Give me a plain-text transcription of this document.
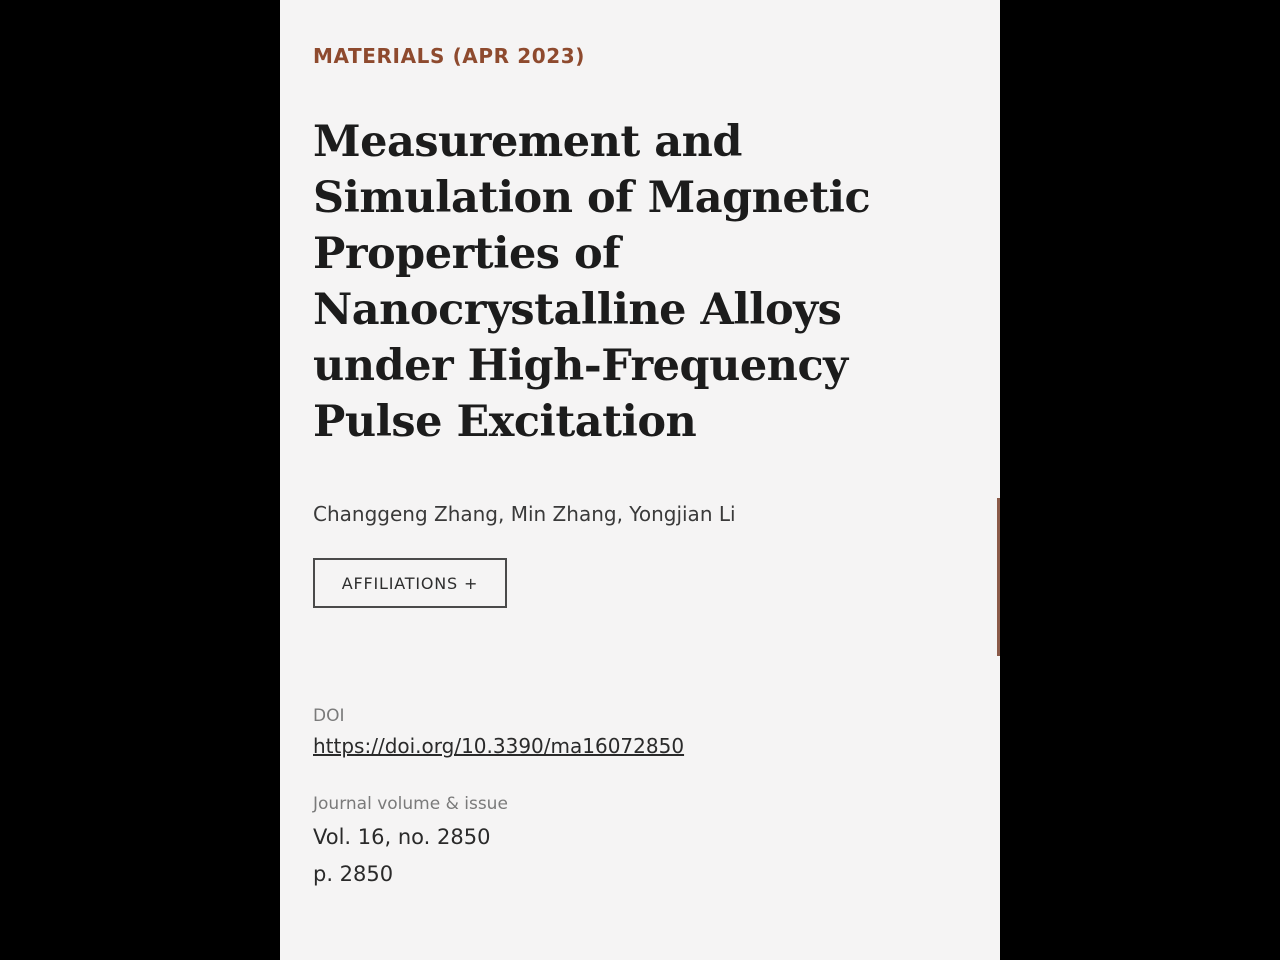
MATERIALS (APR 2023)
Measurement and Simulation of Magnetic Properties of Nanocrystalline Alloys under High-Frequency Pulse Excitation
Changgeng Zhang, Min Zhang, Yongjian Li
AFFILIATIONS +
DOI
https://doi.org/10.3390/ma16072850
Journal volume & issue
Vol. 16, no. 2850
p. 2850
